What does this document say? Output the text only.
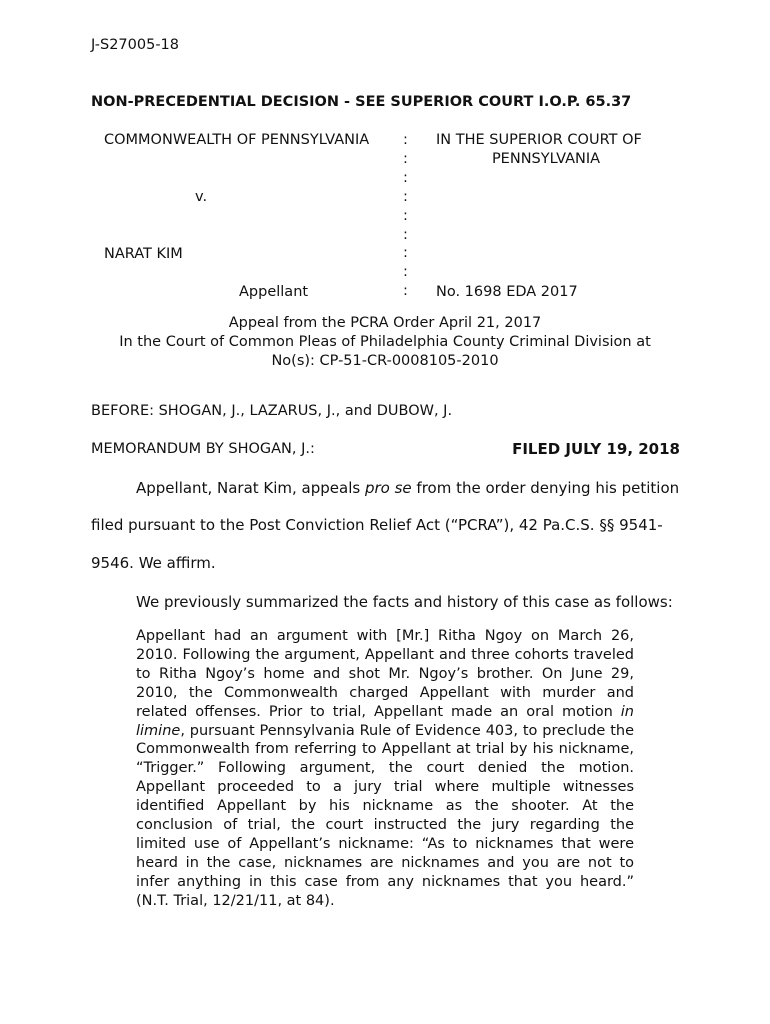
J-S27005-18
NON-PRECEDENTIAL DECISION - SEE SUPERIOR COURT I.O.P. 65.37
COMMONWEALTH OF PENNSYLVANIA
v.
NARAT KIM
Appellant
:
:
:
:
:
:
:
:
:
IN THE SUPERIOR COURT OF
PENNSYLVANIA
No. 1698 EDA 2017
Appeal from the PCRA Order April 21, 2017
In the Court of Common Pleas of Philadelphia County Criminal Division at
No(s): CP-51-CR-0008105-2010
BEFORE: SHOGAN, J., LAZARUS, J., and DUBOW, J.
MEMORANDUM BY SHOGAN, J.:	FILED JULY 19, 2018
Appellant, Narat Kim, appeals pro se from the order denying his petition
filed pursuant to the Post Conviction Relief Act (“PCRA”), 42 Pa.C.S. §§ 9541-
9546. We affirm.
We previously summarized the facts and history of this case as follows:

Appellant had an argument with [Mr.] Ritha Ngoy on March 26, 2010. Following the argument, Appellant and three cohorts traveled to Ritha Ngoy’s home and shot Mr. Ngoy’s brother. On June 29, 2010, the Commonwealth charged Appellant with murder and related offenses. Prior to trial, Appellant made an oral motion in limine, pursuant Pennsylvania Rule of Evidence 403, to preclude the Commonwealth from referring to Appellant at trial by his nickname, “Trigger.” Following argument, the court denied the motion. Appellant proceeded to a jury trial where multiple witnesses identified Appellant by his nickname as the shooter. At the conclusion of trial, the court instructed the jury regarding the limited use of Appellant’s nickname: “As to nicknames that were heard in the case, nicknames are nicknames and you are not to infer anything in this case from any nicknames that you heard.” (N.T. Trial, 12/21/11, at 84).
